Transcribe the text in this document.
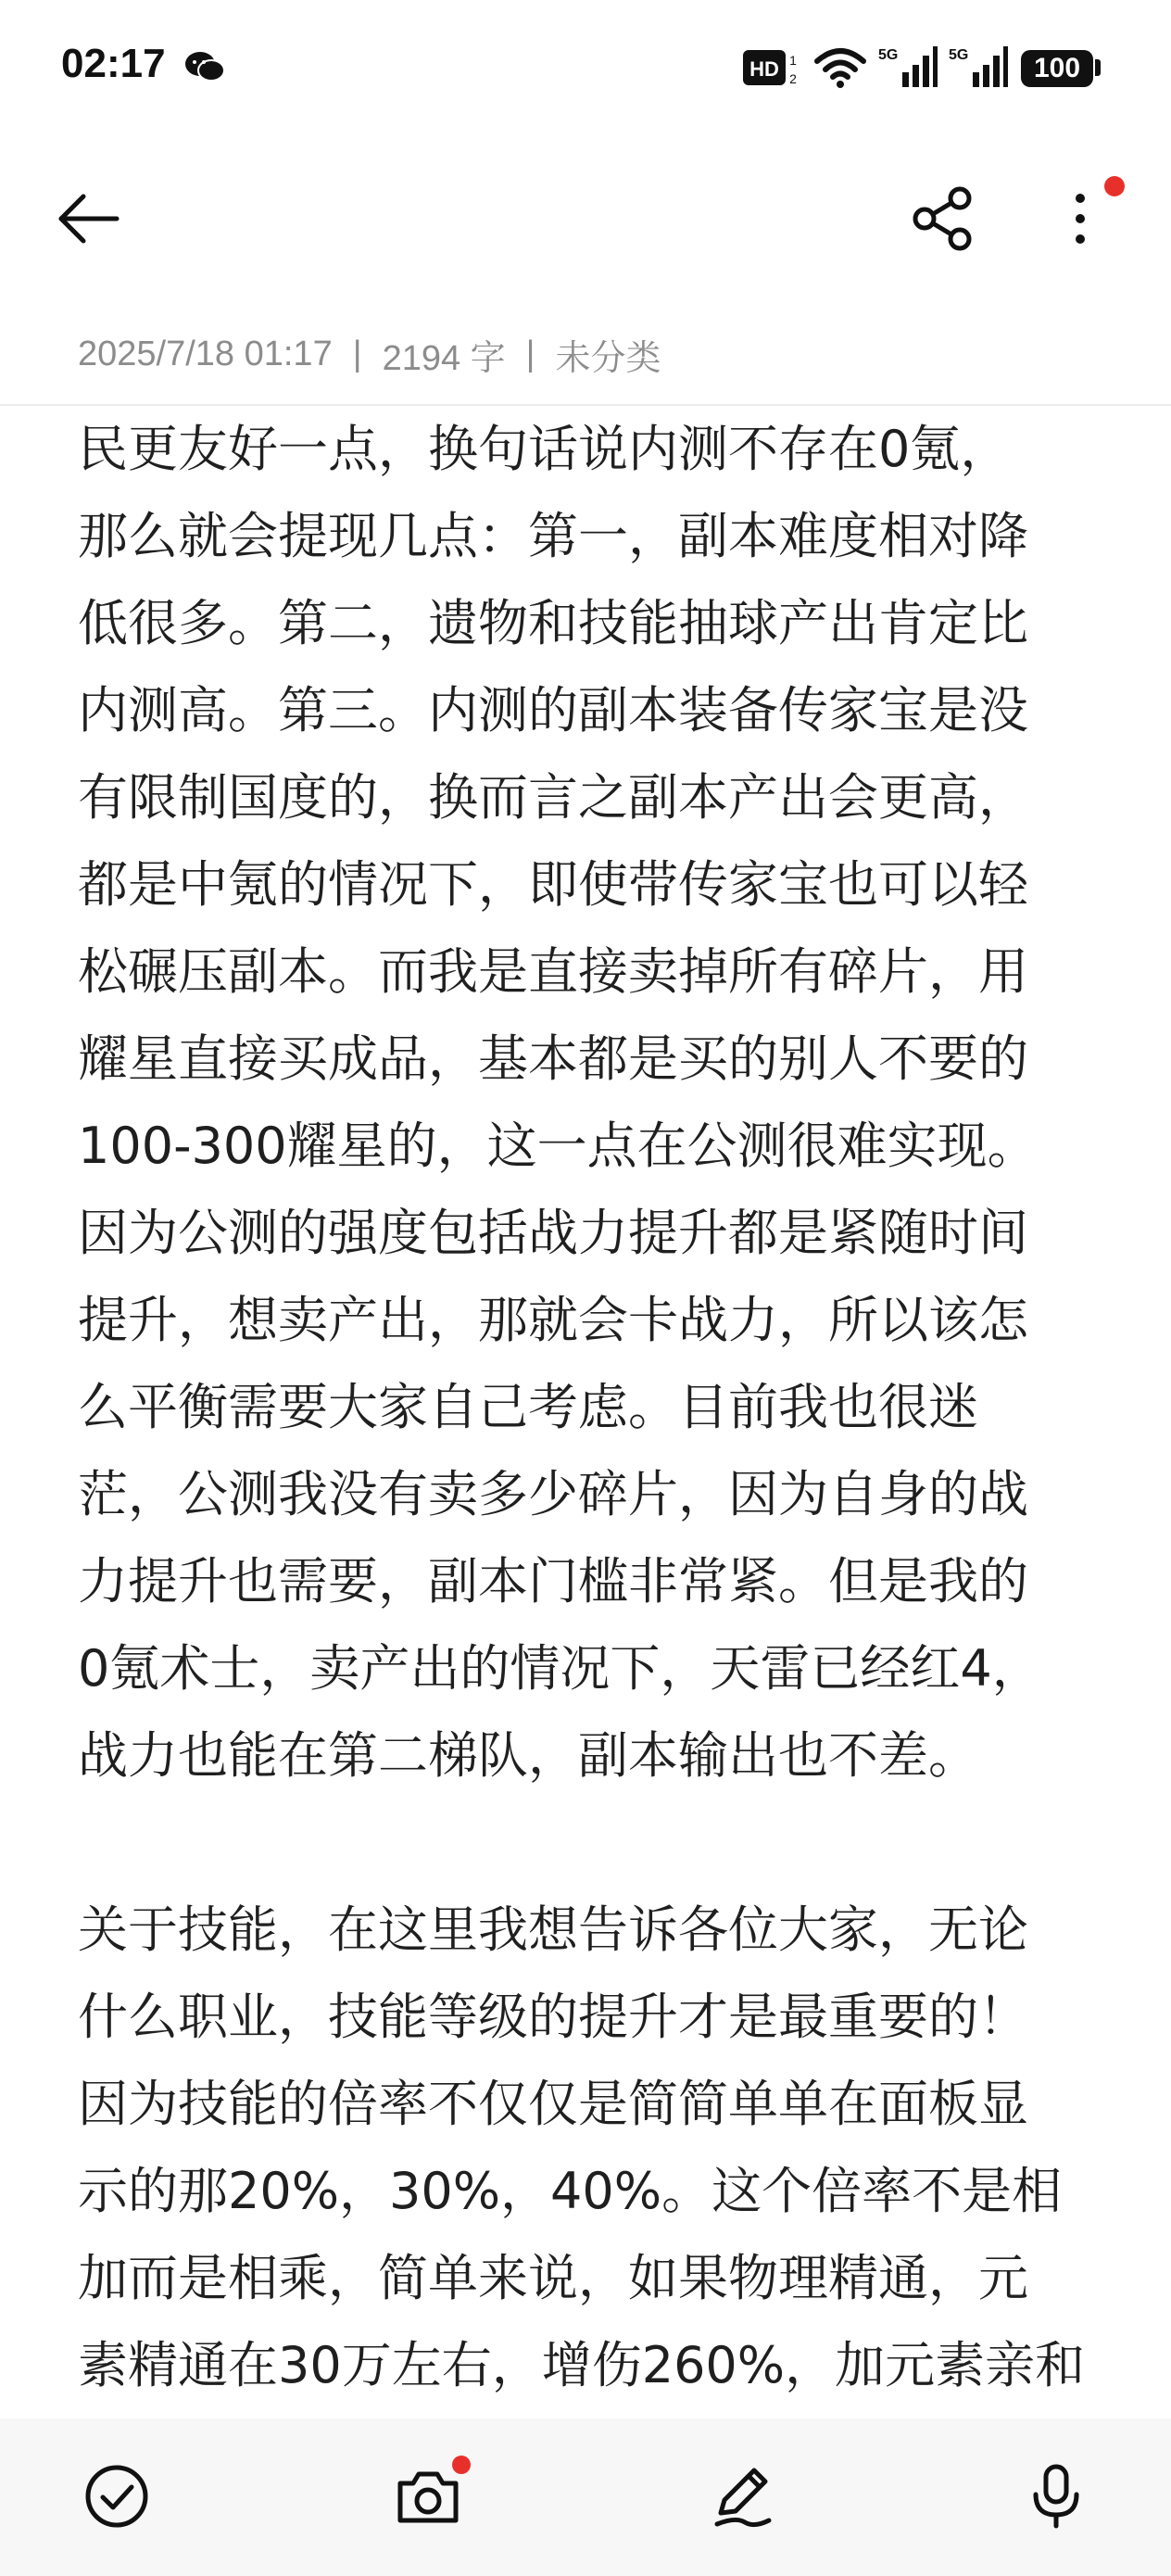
02:17	HD 1
2
5G	5G	100
2025/7/18 01:17 | 2194 字 | 未分类
民更友好一点，换句话说内测不存在0氪，
那么就会提现几点：第一，副本难度相对降
低很多。第二，遗物和技能抽球产出肯定比
内测高。第三。内测的副本装备传家宝是没
有限制国度的，换而言之副本产出会更高，
都是中氪的情况下，即使带传家宝也可以轻
松碾压副本。而我是直接卖掉所有碎片，用
耀星直接买成品，基本都是买的别人不要的
100-300耀星的，这一点在公测很难实现。
因为公测的强度包括战力提升都是紧随时间
提升，想卖产出，那就会卡战力，所以该怎
么平衡需要大家自己考虑。目前我也很迷
茫，公测我没有卖多少碎片，因为自身的战
力提升也需要，副本门槛非常紧。但是我的
0氪术士，卖产出的情况下，天雷已经红4，
战力也能在第二梯队，副本输出也不差。
关于技能，在这里我想告诉各位大家，无论
什么职业，技能等级的提升才是最重要的！
因为技能的倍率不仅仅是简简单单在面板显
示的那20%，30%，40%。这个倍率不是相
加而是相乘，简单来说，如果物理精通，元
素精通在30万左右，增伤260%，加元素亲和
